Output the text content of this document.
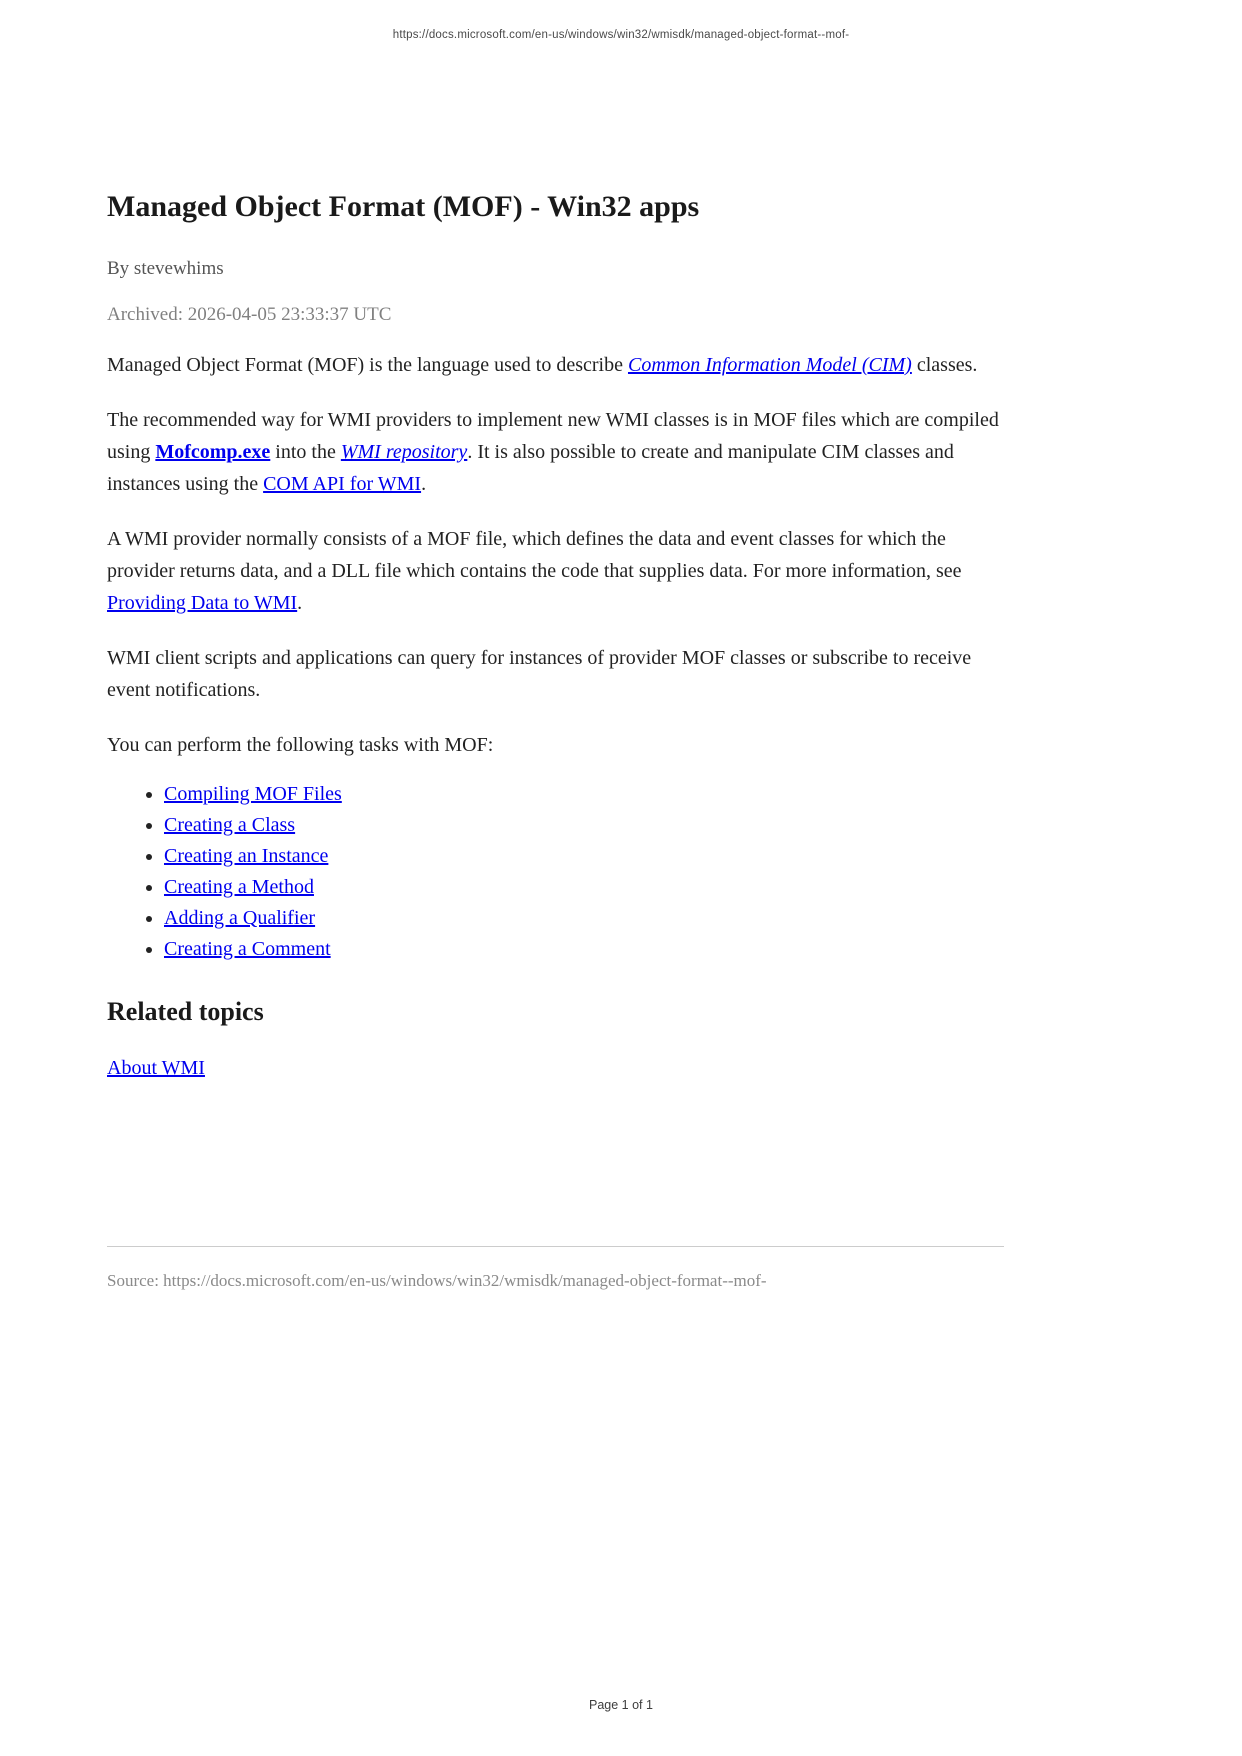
https://docs.microsoft.com/en-us/windows/win32/wmisdk/managed-object-format--mof-
Managed Object Format (MOF) - Win32 apps

By stevewhims

Archived: 2026-04-05 23:33:37 UTC

Managed Object Format (MOF) is the language used to describe Common Information Model (CIM) classes.

The recommended way for WMI providers to implement new WMI classes is in MOF files which are compiled using Mofcomp.exe into the WMI repository. It is also possible to create and manipulate CIM classes and instances using the COM API for WMI.

A WMI provider normally consists of a MOF file, which defines the data and event classes for which the provider returns data, and a DLL file which contains the code that supplies data. For more information, see Providing Data to WMI.

WMI client scripts and applications can query for instances of provider MOF classes or subscribe to receive event notifications.

You can perform the following tasks with MOF:

• Compiling MOF Files
• Creating a Class
• Creating an Instance
• Creating a Method
• Adding a Qualifier
• Creating a Comment
Related topics

About WMI

Source: https://docs.microsoft.com/en-us/windows/win32/wmisdk/managed-object-format--mof-

Page 1 of 1
